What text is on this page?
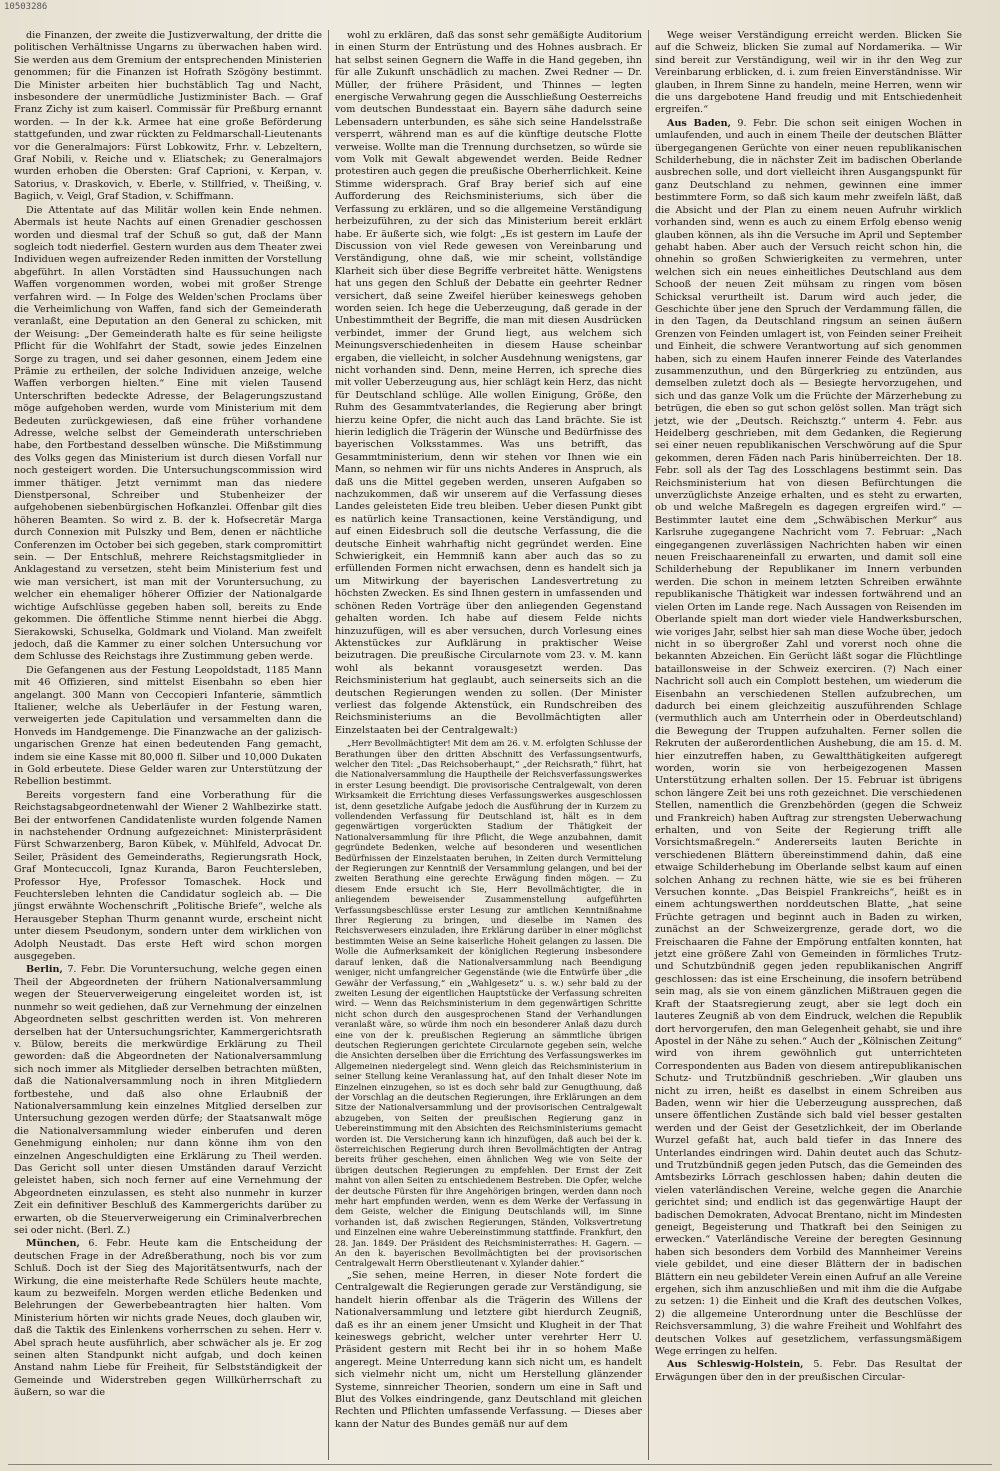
10503286

die Finanzen, der zweite die Justizverwaltung, der dritte die politischen Verhältnisse Ungarns zu überwachen haben wird. Sie werden aus dem Gremium der entsprechenden Ministerien genommen; für die Finanzen ist Hofrath Szögöny bestimmt. Die Minister arbeiten hier buchstäblich Tag und Nacht, insbesondere der unermüdliche Justizminister Bach. — Graf Franz Zichy ist zum kaiserl. Commissär für Preßburg ernannt worden. — In der k.k. Armee hat eine große Beförderung stattgefunden, und zwar rückten zu Feldmarschall-Lieutenants vor die Generalmajors: Fürst Lobkowitz, Frhr. v. Lebzeltern, Graf Nobili, v. Reiche und v. Eliatschek; zu Generalmajors wurden erhoben die Obersten: Graf Caprioni, v. Kerpan, v. Satorius, v. Draskovich, v. Eberle, v. Stillfried, v. Theißing, v. Bagiich, v. Veigl, Graf Stadion, v. Schiffmann.

Die Attentate auf das Militär wollen kein Ende nehmen. Abermals ist heute Nachts auf einen Grenadier geschossen worden und diesmal traf der Schuß so gut, daß der Mann sogleich todt niederfiel. Gestern wurden aus dem Theater zwei Individuen wegen aufreizender Reden inmitten der Vorstellung abgeführt. In allen Vorstädten sind Haussuchungen nach Waffen vorgenommen worden, wobei mit großer Strenge verfahren wird. — In Folge des Welden'schen Proclams über die Verheimlichung von Waffen, fand sich der Gemeinderath veranlaßt, eine Deputation an den General zu schicken, mit der Weisung: „Der Gemeinderath halte es für seine heiligste Pflicht für die Wohlfahrt der Stadt, sowie jedes Einzelnen Sorge zu tragen, und sei daher gesonnen, einem Jedem eine Prämie zu ertheilen, der solche Individuen anzeige, welche Waffen verborgen hielten.“ Eine mit vielen Tausend Unterschriften bedeckte Adresse, der Belagerungszustand möge aufgehoben werden, wurde vom Ministerium mit dem Bedeuten zurückgewiesen, daß eine früher vorhandene Adresse, welche selbst der Gemeinderath unterschrieben habe, den Fortbestand desselben wünsche. Die Mißstimmung des Volks gegen das Ministerium ist durch diesen Vorfall nur noch gesteigert worden. Die Untersuchungscommission wird immer thätiger. Jetzt vernimmt man das niedere Dienstpersonal, Schreiber und Stubenheizer der aufgehobenen siebenbürgischen Hofkanzlei. Offenbar gilt dies höheren Beamten. So wird z. B. der k. Hofsecretär Marga durch Connexion mit Pulszky und Bem, denen er nächtliche Conferenzen im October bei sich gegeben, stark compromittirt sein. — Der Entschluß, mehrere Reichstagsmitglieder in Anklagestand zu versetzen, steht beim Ministerium fest und wie man versichert, ist man mit der Voruntersuchung, zu welcher ein ehemaliger höherer Offizier der Nationalgarde wichtige Aufschlüsse gegeben haben soll, bereits zu Ende gekommen. Die öffentliche Stimme nennt hierbei die Abgg. Sierakowski, Schuselka, Goldmark und Violand. Man zweifelt jedoch, daß die Kammer zu einer solchen Untersuchung vor dem Schlusse des Reichstags ihre Zustimmung geben werde.

Die Gefangenen aus der Festung Leopoldstadt, 1185 Mann mit 46 Offizieren, sind mittelst Eisenbahn so eben hier angelangt. 300 Mann von Ceccopieri Infanterie, sämmtlich Italiener, welche als Ueberläufer in der Festung waren, verweigerten jede Capitulation und versammelten dann die Honveds im Handgemenge. Die Finanzwache an der galizisch-ungarischen Grenze hat einen bedeutenden Fang gemacht, indem sie eine Kasse mit 80,000 fl. Silber und 10,000 Dukaten in Gold erbeutete. Diese Gelder waren zur Unterstützung der Rebellion bestimmt.

Bereits vorgestern fand eine Vorberathung für die Reichstagsabgeordnetenwahl der Wiener 2 Wahlbezirke statt. Bei der entworfenen Candidatenliste wurden folgende Namen in nachstehender Ordnung aufgezeichnet: Ministerpräsident Fürst Schwarzenberg, Baron Kübek, v. Mühlfeld, Advocat Dr. Seiler, Präsident des Gemeinderaths, Regierungsrath Hock, Graf Montecuccoli, Ignaz Kuranda, Baron Feuchtersleben, Professor Hye, Professor Tomaschek. Hock und Feuchtersleben lehnten die Candidatur sogleich ab. — Die jüngst erwähnte Wochenschrift „Politische Briefe“, welche als Herausgeber Stephan Thurm genannt wurde, erscheint nicht unter diesem Pseudonym, sondern unter dem wirklichen von Adolph Neustadt. Das erste Heft wird schon morgen ausgegeben.

Berlin, 7. Febr. Die Voruntersuchung, welche gegen einen Theil der Abgeordneten der frühern Nationalversammlung wegen der Steuerverweigerung eingeleitet worden ist, ist nunmehr so weit gediehen, daß zur Vernehmung der einzelnen Abgeordneten selbst geschritten werden ist. Von mehreren derselben hat der Untersuchungsrichter, Kammergerichtsrath v. Bülow, bereits die merkwürdige Erklärung zu Theil geworden: daß die Abgeordneten der Nationalversammlung sich noch immer als Mitglieder derselben betrachten müßten, daß die Nationalversammlung noch in ihren Mitgliedern fortbestehe, und daß also ohne Erlaubniß der Nationalversammlung kein einzelnes Mitglied derselben zur Untersuchung gezogen werden dürfe; der Staatsanwalt möge die Nationalversammlung wieder einberufen und deren Genehmigung einholen; nur dann könne ihm von den einzelnen Angeschuldigten eine Erklärung zu Theil werden. Das Gericht soll unter diesen Umständen darauf Verzicht geleistet haben, sich noch ferner auf eine Vernehmung der Abgeordneten einzulassen, es steht also nunmehr in kurzer Zeit ein definitiver Beschluß des Kammergerichts darüber zu erwarten, ob die Steuerverweigerung ein Criminalverbrechen sei oder nicht. (Berl. Z.)

München, 6. Febr. Heute kam die Entscheidung der deutschen Frage in der Adreßberathung, noch bis vor zum Schluß. Doch ist der Sieg des Majoritätsentwurfs, nach der Wirkung, die eine meisterhafte Rede Schülers heute machte, kaum zu bezweifeln. Morgen werden etliche Bedenken und Belehrungen der Gewerbebeantragten hier halten. Vom Ministerium hörten wir nichts grade Neues, doch glauben wir, daß die Taktik des Einlenkens vorherrschen zu sehen. Herr v. Abel sprach heute ausführlich, aber schwächer als je. Er zog seinen alten Standpunkt nicht aufgab, und doch keinen Anstand nahm Liebe für Freiheit, für Selbstständigkeit der Gemeinde und Widerstreben gegen Willkürherrschaft zu äußern, so war die

wohl zu erklären, daß das sonst sehr gemäßigte Auditorium in einen Sturm der Entrüstung und des Hohnes ausbrach. Er hat selbst seinen Gegnern die Waffe in die Hand gegeben, ihn für alle Zukunft unschädlich zu machen. Zwei Redner — Dr. Müller, der frühere Präsident, und Thinnes — legten energische Verwahrung gegen die Ausschließung Oesterreichs vom deutschen Bundesstaat ein. Bayern sähe dadurch seine Lebensadern unterbunden, es sähe sich seine Handelsstraße versperrt, während man es auf die künftige deutsche Flotte verweise. Wollte man die Trennung durchsetzen, so würde sie vom Volk mit Gewalt abgewendet werden. Beide Redner protestiren auch gegen die preußische Oberherrlichkeit. Keine Stimme widersprach. Graf Bray berief sich auf eine Aufforderung des Reichsministeriums, sich über die Verfassung zu erklären, und so die allgemeine Verständigung herbeizuführen, zu der sich das Ministerium bereit erklärt habe. Er äußerte sich, wie folgt: „Es ist gestern im Laufe der Discussion von viel Rede gewesen von Vereinbarung und Verständigung, ohne daß, wie mir scheint, vollständige Klarheit sich über diese Begriffe verbreitet hätte. Wenigstens hat uns gegen den Schluß der Debatte ein geehrter Redner versichert, daß seine Zweifel hierüber keineswegs gehoben worden seien. Ich hege die Ueberzeugung, daß gerade in der Unbestimmtheit der Begriffe, die man mit diesen Ausdrücken verbindet, immer der Grund liegt, aus welchem sich Meinungsverschiedenheiten in diesem Hause scheinbar ergaben, die vielleicht, in solcher Ausdehnung wenigstens, gar nicht vorhanden sind. Denn, meine Herren, ich spreche dies mit voller Ueberzeugung aus, hier schlägt kein Herz, das nicht für Deutschland schlüge. Alle wollen Einigung, Größe, den Ruhm des Gesammtvaterlandes, die Regierung aber bringt hierzu keine Opfer, die nicht auch das Land brächte. Sie ist hierin lediglich die Trägerin der Wünsche und Bedürfnisse des bayerischen Volksstammes. Was uns betrifft, das Gesammtministerium, denn wir stehen vor Ihnen wie ein Mann, so nehmen wir für uns nichts Anderes in Anspruch, als daß uns die Mittel gegeben werden, unseren Aufgaben so nachzukommen, daß wir unserem auf die Verfassung dieses Landes geleisteten Eide treu bleiben. Ueber diesen Punkt gibt es natürlich keine Transactionen, keine Verständigung, und auf einen Eidesbruch soll die deutsche Verfassung, die die deutsche Einheit wahrhaftig nicht gegründet werden. Eine Schwierigkeit, ein Hemmniß kann aber auch das so zu erfüllenden Formen nicht erwachsen, denn es handelt sich ja um Mitwirkung der bayerischen Landesvertretung zu höchsten Zwecken. Es sind Ihnen gestern in umfassenden und schönen Reden Vorträge über den anliegenden Gegenstand gehalten worden. Ich habe auf diesem Felde nichts hinzuzufügen, will es aber versuchen, durch Vorlesung eines Aktenstückes zur Aufklärung in praktischer Weise beizutragen. Die preußische Circularnote vom 23. v. M. kann wohl als bekannt vorausgesetzt werden. Das Reichsministerium hat geglaubt, auch seinerseits sich an die deutschen Regierungen wenden zu sollen. (Der Minister verliest das folgende Aktenstück, ein Rundschreiben des Reichsministeriums an die Bevollmächtigten aller Einzelstaaten bei der Centralgewalt:)

„Herr Bevollmächtigter! Mit dem am 26. v. M. erfolgten Schlusse der Berathungen über den dritten Abschnitt des Verfassungsentwurfs, welcher den Titel: „Das Reichsoberhaupt,“ „der Reichsrath,“ führt, hat die Nationalversammlung die Hauptheile der Reichsverfassungswerkes in erster Lesung beendigt. Die provisorische Centralgewalt, von deren Wirksamkeit die Errichtung dieses Verfassungswerkes ausgeschlossen ist, denn gesetzliche Aufgabe jedoch die Ausführung der in Kurzem zu vollendenden Verfassung für Deutschland ist, hält es in dem gegenwärtigen vorgerückten Stadium der Thätigkeit der Nationalversammlung für ihre Pflicht, die Wege anzubahnen, damit gegründete Bedenken, welche auf besonderen und wesentlichen Bedürfnissen der Einzelstaaten beruhen, in Zeiten durch Vermittelung der Regierungen zur Kenntniß der Versammlung gelangen, und bei der zweiten Berathung eine gerechte Erwägung finden mögen. — Zu diesem Ende ersucht ich Sie, Herr Bevollmächtigter, die in anliegendem beweisender Zusammenstellung aufgeführten Verfassungsbeschlüsse erster Lesung zur amtlichen Kenntnißnahme Ihrer Regierung zu bringen, und dieselbe im Namen des Reichsverwesers einzuladen, ihre Erklärung darüber in einer möglichst bestimmten Weise an Seine kaiserliche Hoheit gelangen zu lassen. Die Wolle die Aufmerksamkeit der königlichen Regierung insbesondere darauf lenken, daß die Nationalversammlung nach Beendigung weniger, nicht umfangreicher Gegenstände (wie die Entwürfe über „die Gewähr der Verfassung,“ ein „Wahlgesetz“ u. s. w.) sehr bald zu der zweiten Lesung der eigentlichen Hauptstücke der Verfassung schreiten wird. — Wenn das Reichsministerium in dem gegenwärtigen Schritte nicht schon durch den ausgesprochenen Stand der Verhandlungen veranlaßt wäre, so würde ihm noch ein besonderer Anlaß dazu durch eine von der k. preußischen Regierung an sämmtliche übrigen deutschen Regierungen gerichtete Circularnote gegeben sein, welche die Ansichten derselben über die Errichtung des Verfassungswerkes im Allgemeinen niedergelegt sind. Wenn gleich das Reichsministerium in seiner Stellung keine Veranlassung hat, auf den Inhalt dieser Note im Einzelnen einzugehen, so ist es doch sehr bald zur Genugthuung, daß der Vorschlag an die deutschen Regierungen, ihre Erklärungen an dem Sitze der Nationalversammlung und der provisorischen Centralgewalt abzugeben, von Seiten der preußischen Regierung ganz in Uebereinstimmung mit den Absichten des Reichsministeriums gemacht worden ist. Die Versicherung kann ich hinzufügen, daß auch bei der k. österreichischen Regierung durch ihren Bevollmächtigten der Antrag bereits früher geschehen, einen ähnlichen Weg wie von Seite der übrigen deutschen Regierungen zu empfehlen. Der Ernst der Zeit mahnt von allen Seiten zu entschiedenem Bestreben. Die Opfer, welche der deutsche Fürsten für ihre Angehörigen bringen, werden dann noch mehr hart empfunden werden, wenn es dem Werke der Verfassung in dem Geiste, welcher die Einigung Deutschlands will, im Sinne vorhanden ist, daß zwischen Regierungen, Ständen, Volksvertretung und Einzelnen eine wahre Uebereinstimmung stattfinde. Frankfurt, den 28. Jan. 1849. Der Präsident des Reichsministerrathes: H. Gagern. — An den k. bayerischen Bevollmächtigten bei der provisorischen Centralgewalt Herrn Oberstlieutenant v. Xylander dahier.“

„Sie sehen, meine Herren, in dieser Note fordert die Centralgewalt die Regierungen gerade zur Verständigung, sie handelt hierin offenbar als die Trägerin des Willens der Nationalversammlung und letztere gibt hierdurch Zeugniß, daß es ihr an einem jener Umsicht und Klugheit in der That keineswegs gebricht, welcher unter verehrter Herr U. Präsident gestern mit Recht bei ihr in so hohem Maße angeregt. Meine Unterredung kann sich nicht um, es handelt sich vielmehr nicht um, nicht um Herstellung glänzender Systeme, sinnreicher Theorien, sondern um eine in Saft und Blut des Volkes eindringende, ganz Deutschland mit gleichen Rechten und Pflichten umfassende Verfassung. — Dieses aber kann der Natur des Bundes gemäß nur auf dem

Wege weiser Verständigung erreicht werden. Blicken Sie auf die Schweiz, blicken Sie zumal auf Nordamerika. — Wir sind bereit zur Verständigung, weil wir in ihr den Weg zur Vereinbarung erblicken, d. i. zum freien Einverständnisse. Wir glauben, in Ihrem Sinne zu handeln, meine Herren, wenn wir die uns dargebotene Hand freudig und mit Entschiedenheit ergreifen.“

Aus Baden, 9. Febr. Die schon seit einigen Wochen in umlaufenden, und auch in einem Theile der deutschen Blätter übergegangenen Gerüchte von einer neuen republikanischen Schilderhebung, die in nächster Zeit im badischen Oberlande ausbrechen solle, und dort vielleicht ihren Ausgangspunkt für ganz Deutschland zu nehmen, gewinnen eine immer bestimmtere Form, so daß sich kaum mehr zweifeln läßt, daß die Absicht und der Plan zu einem neuen Aufruhr wirklich vorhanden sind, wenn es auch zu einem Erfolg ebenso wenig glauben können, als ihn die Versuche im April und September gehabt haben. Aber auch der Versuch reicht schon hin, die ohnehin so großen Schwierigkeiten zu vermehren, unter welchen sich ein neues einheitliches Deutschland aus dem Schooß der neuen Zeit mühsam zu ringen vom bösen Schicksal verurtheilt ist. Darum wird auch jeder, die Geschichte über jene den Spruch der Verdammung fällen, die in den Tagen, da Deutschland ringsum an seinen äußern Grenzen von Feinden umlagert ist, von Feinden seiner Freiheit und Einheit, die schwere Verantwortung auf sich genommen haben, sich zu einem Haufen innerer Feinde des Vaterlandes zusammenzuthun, und den Bürgerkrieg zu entzünden, aus demselben zuletzt doch als — Besiegte hervorzugehen, und sich und das ganze Volk um die Früchte der Märzerhebung zu betrügen, die eben so gut schon gelöst sollen. Man trägt sich jetzt, wie der „Deutsch. Reichsztg.“ unterm 4. Febr. aus Heidelberg geschrieben, mit dem Gedanken, die Regierung sei einer neuen republikanischen Verschwörung auf die Spur gekommen, deren Fäden nach Paris hinüberreichten. Der 18. Febr. soll als der Tag des Losschlagens bestimmt sein. Das Reichsministerium hat von diesen Befürchtungen die unverzüglichste Anzeige erhalten, und es steht zu erwarten, ob und welche Maßregeln es dagegen ergreifen wird.“ — Bestimmter lautet eine dem „Schwäbischen Merkur“ aus Karlsruhe zugegangene Nachricht vom 7. Februar: „Nach eingegangenen zuverlässigen Nachrichten haben wir einen neuen Freischaareneinfall zu erwarten, und damit soll eine Schilderhebung der Republikaner im Innern verbunden werden. Die schon in meinem letzten Schreiben erwähnte republikanische Thätigkeit war indessen fortwährend und an vielen Orten im Lande rege. Nach Aussagen von Reisenden im Oberlande spielt man dort wieder viele Handwerksburschen, wie voriges Jahr, selbst hier sah man diese Woche über, jedoch nicht in so übergroßer Zahl und vorerst noch ohne die bekannten Abzeichen. Ein Gerücht läßt sogar die Flüchtlinge bataillonsweise in der Schweiz exerciren. (?) Nach einer Nachricht soll auch ein Complott bestehen, um wiederum die Eisenbahn an verschiedenen Stellen aufzubrechen, um dadurch bei einem gleichzeitig auszuführenden Schlage (vermuthlich auch am Unterrhein oder in Oberdeutschland) die Bewegung der Truppen aufzuhalten. Ferner sollen die Rekruten der außerordentlichen Aushebung, die am 15. d. M. hier einzutreffen haben, zu Gewaltthätigkeiten aufgeregt worden, worin sie von herbeigezogenen Massen Unterstützung erhalten sollen. Der 15. Februar ist übrigens schon längere Zeit bei uns roth gezeichnet. Die verschiedenen Stellen, namentlich die Grenzbehörden (gegen die Schweiz und Frankreich) haben Auftrag zur strengsten Ueberwachung erhalten, und von Seite der Regierung trifft alle Vorsichtsmaßregeln.“ Andererseits lauten Berichte in verschiedenen Blättern übereinstimmend dahin, daß eine etwaige Schilderhebung im Oberlande selbst kaum auf einen solchen Anhang zu rechnen hätte, wie sie es bei früheren Versuchen konnte. „Das Beispiel Frankreichs“, heißt es in einem achtungswerthen norddeutschen Blatte, „hat seine Früchte getragen und beginnt auch in Baden zu wirken, zunächst an der Schweizergrenze, gerade dort, wo die Freischaaren die Fahne der Empörung entfalten konnten, hat jetzt eine größere Zahl von Gemeinden in förmliches Trutz- und Schutzbündniß gegen jeden republikanischen Angriff geschlossen: das ist eine Erscheinung, die insofern betrübend sein mag, als sie von einem gänzlichen Mißtrauen gegen die Kraft der Staatsregierung zeugt, aber sie legt doch ein lauteres Zeugniß ab von dem Eindruck, welchen die Republik dort hervorgerufen, den man Gelegenheit gehabt, sie und ihre Apostel in der Nähe zu sehen.“ Auch der „Kölnischen Zeitung“ wird von ihrem gewöhnlich gut unterrichteten Correspondenten aus Baden von diesem antirepublikanischen Schutz- und Trutzbündniß geschrieben. „Wir glauben uns nicht zu irren, heißt es daselbst in einem Schreiben aus Baden, wenn wir hier die Ueberzeugung aussprechen, daß unsere öffentlichen Zustände sich bald viel besser gestalten werden und der Geist der Gesetzlichkeit, der im Oberlande Wurzel gefaßt hat, auch bald tiefer in das Innere des Unterlandes eindringen wird. Dahin deutet auch das Schutz- und Trutzbündniß gegen jeden Putsch, das die Gemeinden des Amtsbezirks Lörrach geschlossen haben; dahin deuten die vielen vaterländischen Vereine, welche gegen die Anarchie gerichtet sind; und endlich ist das gegenwärtige Haupt der badischen Demokraten, Advocat Brentano, nicht im Mindesten geneigt, Begeisterung und Thatkraft bei den Seinigen zu erwecken.“ Vaterländische Vereine der beregten Gesinnung haben sich besonders dem Vorbild des Mannheimer Vereins viele gebildet, und eine dieser Blättern der in badischen Blättern ein neu gebildeter Verein einen Aufruf an alle Vereine ergehen, sich ihm anzuschließen und mit ihm die die Aufgabe zu setzen: 1) die Einheit und die Kraft des deutschen Volkes, 2) die allgemeine Unterordnung unter die Beschlüsse der Reichsversammlung, 3) die wahre Freiheit und Wohlfahrt des deutschen Volkes auf gesetzlichem, verfassungsmäßigem Wege erringen zu helfen.

Aus Schleswig-Holstein, 5. Febr. Das Resultat der Erwägungen über den in der preußischen Circular-
